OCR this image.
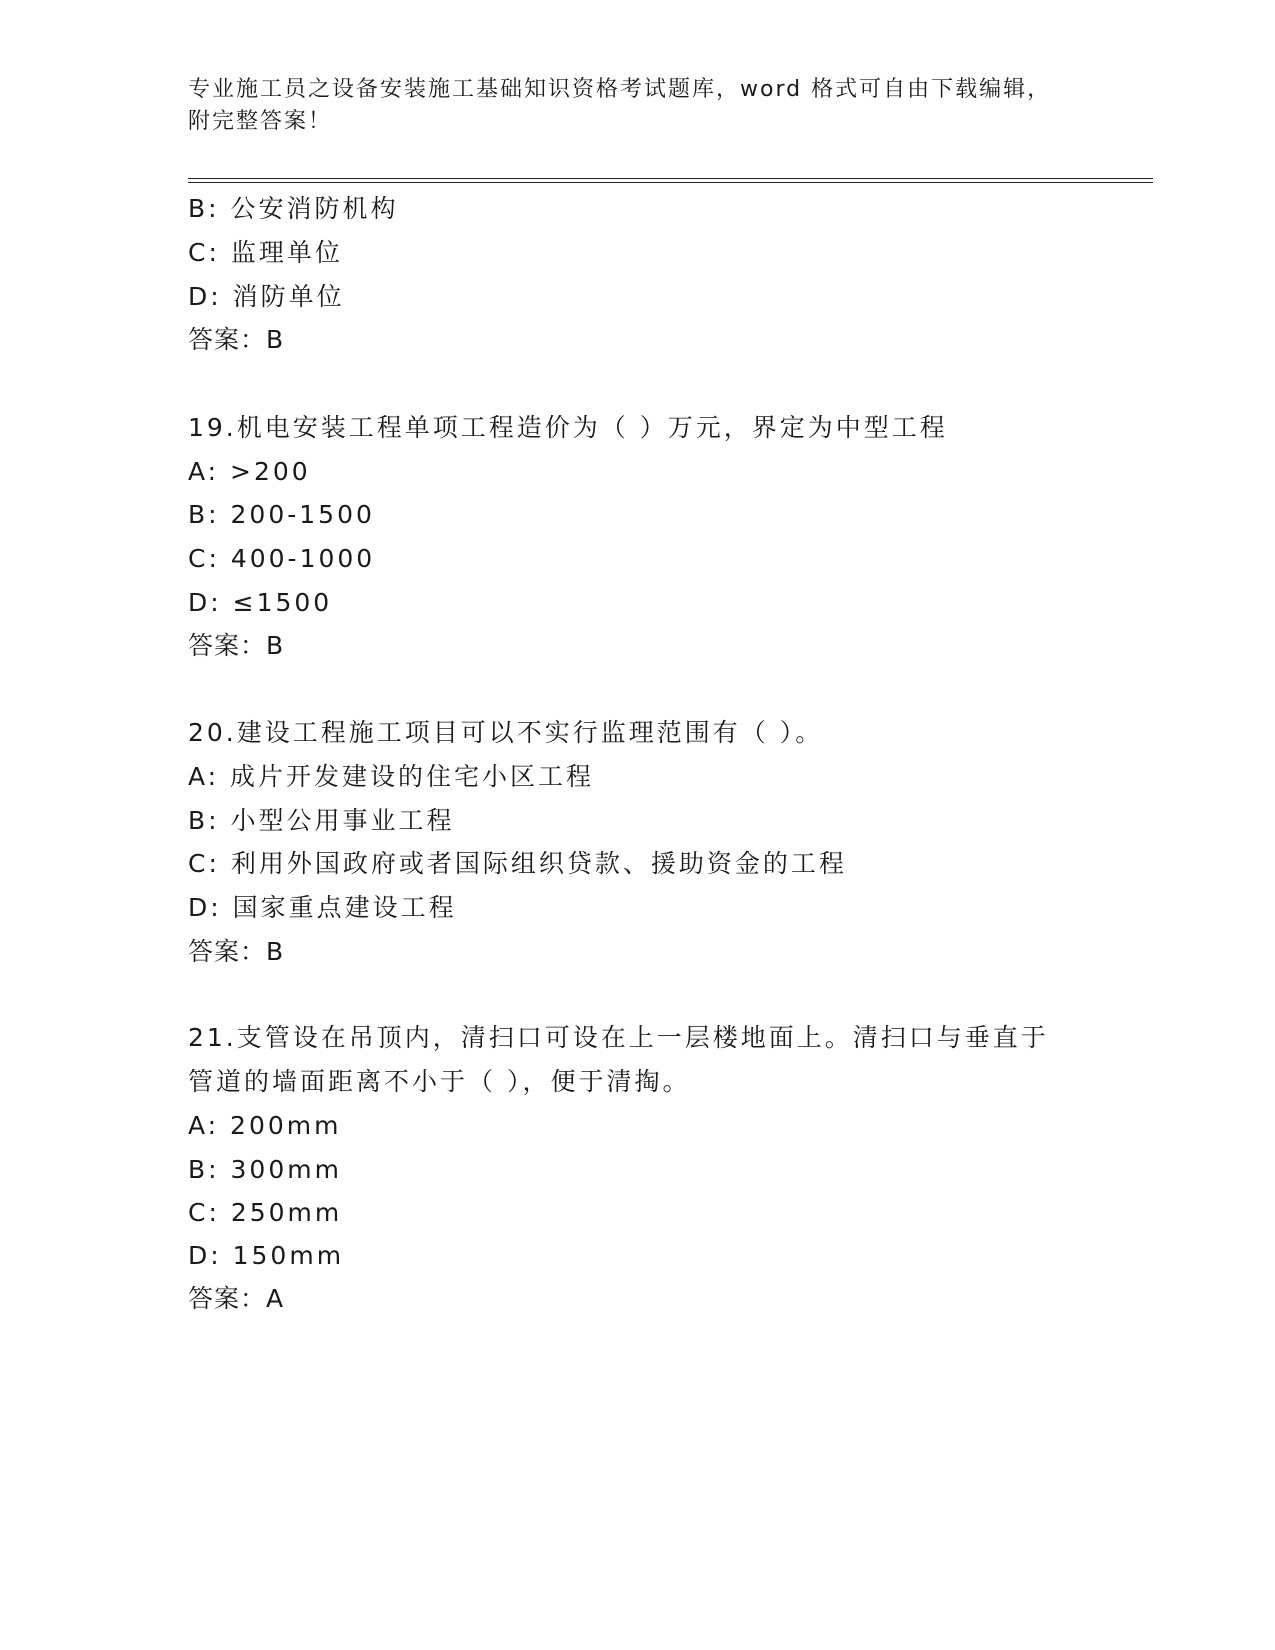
专业施工员之设备安装施工基础知识资格考试题库，word 格式可自由下载编辑，
附完整答案！
B: 公安消防机构
C: 监理单位
D: 消防单位
答案：B
19.机电安装工程单项工程造价为（ ）万元，界定为中型工程
A: >200
B: 200-1500
C: 400-1000
D: ≤1500
答案：B
20.建设工程施工项目可以不实行监理范围有（ ）。
A: 成片开发建设的住宅小区工程
B: 小型公用事业工程
C: 利用外国政府或者国际组织贷款、援助资金的工程
D: 国家重点建设工程
答案：B
21.支管设在吊顶内，清扫口可设在上一层楼地面上。清扫口与垂直于
管道的墙面距离不小于（ ），便于清掏。
A: 200mm
B: 300mm
C: 250mm
D: 150mm
答案：A
